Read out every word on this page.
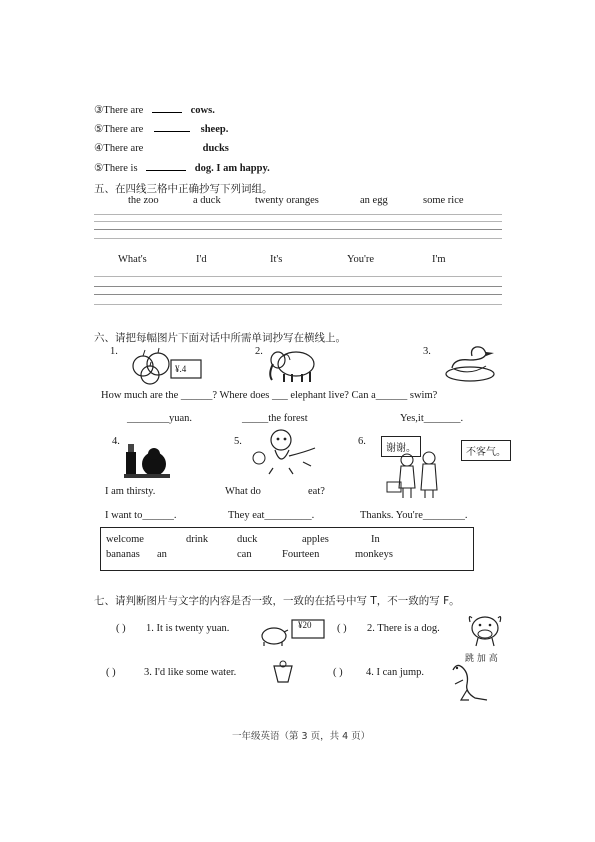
③There are	cows.
⑤There are	sheep.
④There are	ducks
⑤There is	dog. I am happy.
五、在四线三格中正确抄写下列词组。
the zoo	a duck	twenty oranges	an egg	some rice
What's	I'd	It's	You're	I'm
六、请把每幅图片下面对话中所需单词抄写在横线上。
1.	2.	3.
¥.4
How much are the ______? Where does ___ elephant live? Can a______ swim?
________yuan.	_____the forest	Yes,it_______.
4.	5.	6.
谢谢。	不客气。
I am thirsty.	What do	eat?
I want to______.	They eat_________.	Thanks. You're________.
welcome	drink	duck	apples	In
bananas an	can	Fourteen	monkeys
七、请判断图片与文字的内容是否一致，一致的在括号中写 T，不一致的写 F。
( ) 1. It is twenty yuan.	¥20 ( ) 2. There is a dog.
( )	3. I'd like some water.	( ) 4. I can jump.
跳 加 高
一年级英语（第 3 页，共 4 页）
